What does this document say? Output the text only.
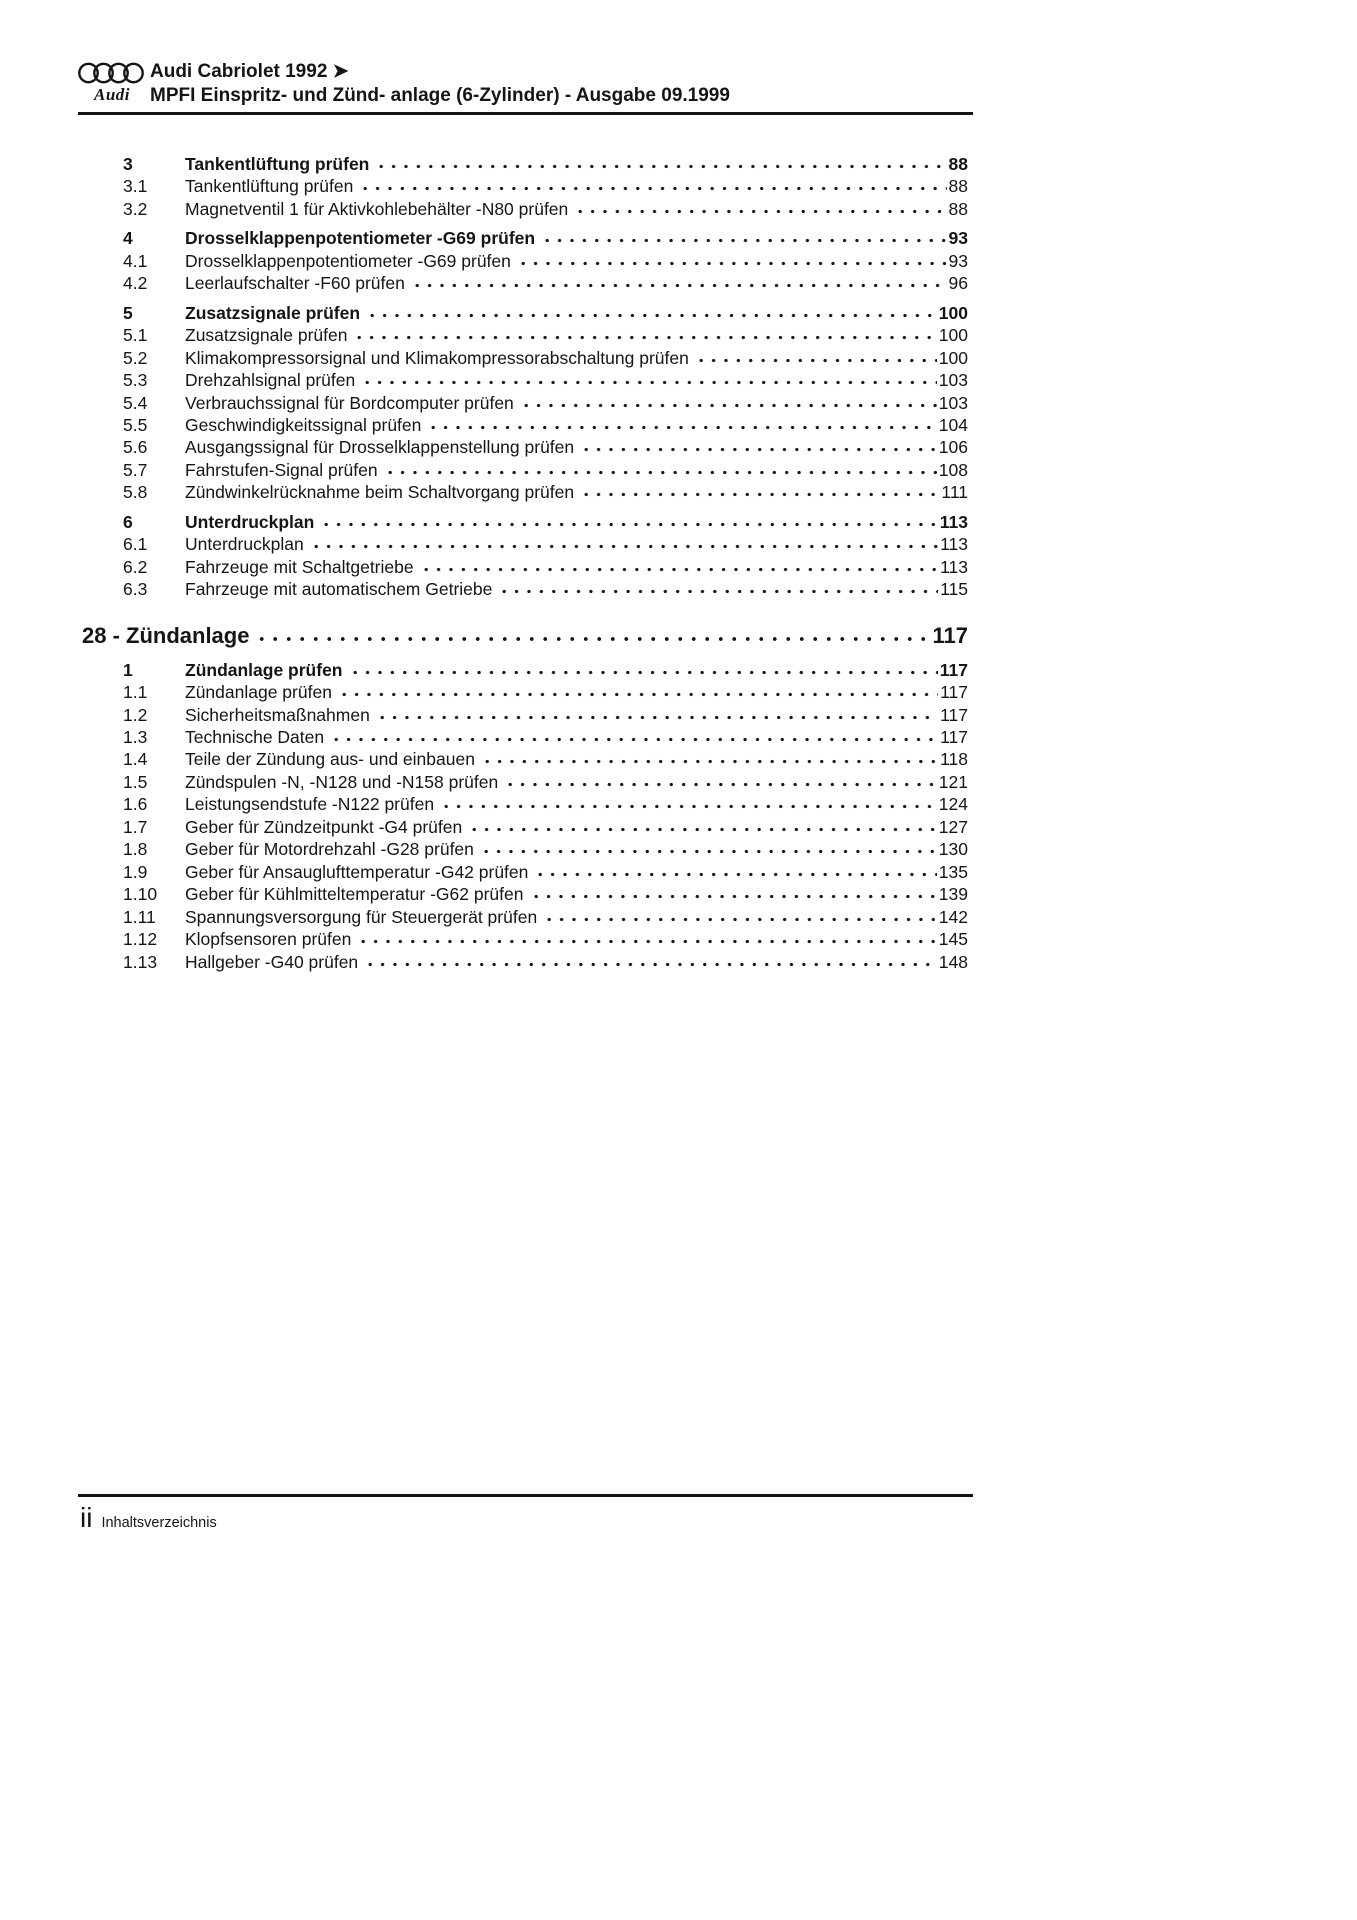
Audi
Audi Cabriolet 1992 ➤
MPFI Einspritz- und Zünd- anlage (6-Zylinder) - Ausgabe 09.1999
3	Tankentlüftung prüfen	88
3.1	Tankentlüftung prüfen	88
3.2	Magnetventil 1 für Aktivkohlebehälter -N80 prüfen	88
4	Drosselklappenpotentiometer -G69 prüfen	93
4.1	Drosselklappenpotentiometer -G69 prüfen	93
4.2	Leerlaufschalter -F60 prüfen	96
5	Zusatzsignale prüfen	100
5.1	Zusatzsignale prüfen	100
5.2	Klimakompressorsignal und Klimakompressorabschaltung prüfen	100
5.3	Drehzahlsignal prüfen	103
5.4	Verbrauchssignal für Bordcomputer prüfen	103
5.5	Geschwindigkeitssignal prüfen	104
5.6	Ausgangssignal für Drosselklappenstellung prüfen	106
5.7	Fahrstufen-Signal prüfen	108
5.8	Zündwinkelrücknahme beim Schaltvorgang prüfen	111
6	Unterdruckplan	113
6.1	Unterdruckplan	113
6.2	Fahrzeuge mit Schaltgetriebe	113
6.3	Fahrzeuge mit automatischem Getriebe	115
28 - Zündanlage	117
1	Zündanlage prüfen	117
1.1	Zündanlage prüfen	117
1.2	Sicherheitsmaßnahmen	117
1.3	Technische Daten	117
1.4	Teile der Zündung aus- und einbauen	118
1.5	Zündspulen -N, -N128 und -N158 prüfen	121
1.6	Leistungsendstufe -N122 prüfen	124
1.7	Geber für Zündzeitpunkt -G4 prüfen	127
1.8	Geber für Motordrehzahl -G28 prüfen	130
1.9	Geber für Ansauglufttemperatur -G42 prüfen	135
1.10	Geber für Kühlmitteltemperatur -G62 prüfen	139
1.11	Spannungsversorgung für Steuergerät prüfen	142
1.12	Klopfsensoren prüfen	145
1.13	Hallgeber -G40 prüfen	148
ii Inhaltsverzeichnis
